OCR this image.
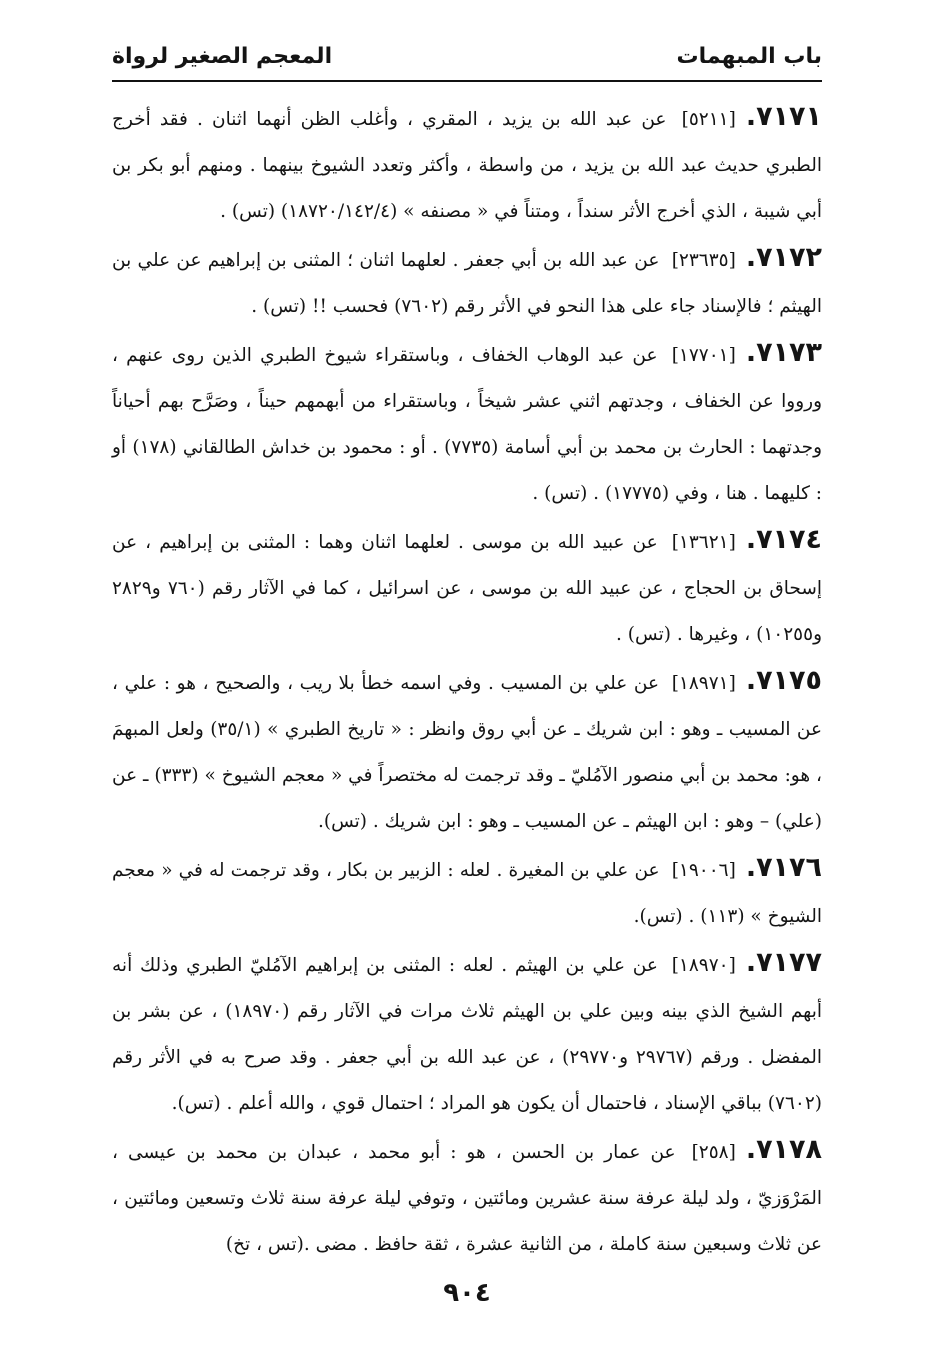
باب المبهمات
المعجم الصغير لرواة

٧١٧١.[٥٢١١] عن عبد الله بن يزيد ، المقري ، وأغلب الظن أنهما اثنان . فقد أخرج الطبري حديث عبد الله بن يزيد ، من واسطة ، وأكثر وتعدد الشيوخ بينهما . ومنهم أبو بكر بن أبي شيبة ، الذي أخرج الأثر سنداً ، ومتناً في « مصنفه » (١٨٧٢٠/١٤٢/٤) (تس) .

٧١٧٢.[٢٣٦٣٥] عن عبد الله بن أبي جعفر . لعلهما اثنان ؛ المثنى بن إبراهيم عن علي بن الهيثم ؛ فالإسناد جاء على هذا النحو في الأثر رقم (٧٦٠٢) فحسب !! (تس) .

٧١٧٣.[١٧٧٠١] عن عبد الوهاب الخفاف ، وباستقراء شيوخ الطبري الذين روى عنهم ، ورووا عن الخفاف ، وجدتهم اثني عشر شيخاً ، وباستقراء من أبهمهم حيناً ، وصَرَّح بهم أحياناً وجدتهما : الحارث بن محمد بن أبي أسامة (٧٧٣٥) . أو : محمود بن خداش الطالقاني (١٧٨) أو : كليهما . هنا ، وفي (١٧٧٧٥) . (تس) .

٧١٧٤.[١٣٦٢١] عن عبيد الله بن موسى . لعلهما اثنان وهما : المثنى بن إبراهيم ، عن إسحاق بن الحجاج ، عن عبيد الله بن موسى ، عن اسرائيل ، كما في الآثار رقم (٧٦٠ و٢٨٢٩ و١٠٢٥٥) ، وغيرها . (تس) .

٧١٧٥.[١٨٩٧١] عن علي بن المسيب . وفي اسمه خطأ بلا ريب ، والصحيح ، هو : علي ، عن المسيب ـ وهو : ابن شريك ـ عن أبي روق وانظر : « تاريخ الطبري » (٣٥/١) ولعل المبهمَ ، هو: محمد بن أبي منصور الآمُليّ ـ وقد ترجمت له مختصراً في « معجم الشيوخ » (٣٣٣) ـ عن (علي) – وهو : ابن الهيثم ـ عن المسيب ـ وهو : ابن شريك . (تس).

٧١٧٦.[١٩٠٠٦] عن علي بن المغيرة . لعله : الزبير بن بكار ، وقد ترجمت له في « معجم الشيوخ » (١١٣) . (تس).

٧١٧٧.[١٨٩٧٠] عن علي بن الهيثم . لعله : المثنى بن إبراهيم الآمُليّ الطبري وذلك أنه أبهم الشيخ الذي بينه وبين علي بن الهيثم ثلاث مرات في الآثار رقم (١٨٩٧٠) ، عن بشر بن المفضل . ورقم (٢٩٧٦٧ و٢٩٧٧٠) ، عن عبد الله بن أبي جعفر . وقد صرح به في الأثر رقم (٧٦٠٢) بباقي الإسناد ، فاحتمال أن يكون هو المراد ؛ احتمال قوي ، والله أعلم . (تس).

٧١٧٨.[٢٥٨] عن عمار بن الحسن ، هو : أبو محمد ، عبدان بن محمد بن عيسى ، المَرْوَزيّ ، ولد ليلة عرفة سنة عشرين ومائتين ، وتوفي ليلة عرفة سنة ثلاث وتسعين ومائتين ، عن ثلاث وسبعين سنة كاملة ، من الثانية عشرة ، ثقة حافظ . مضى .(تس ، تخ)

٩٠٤
